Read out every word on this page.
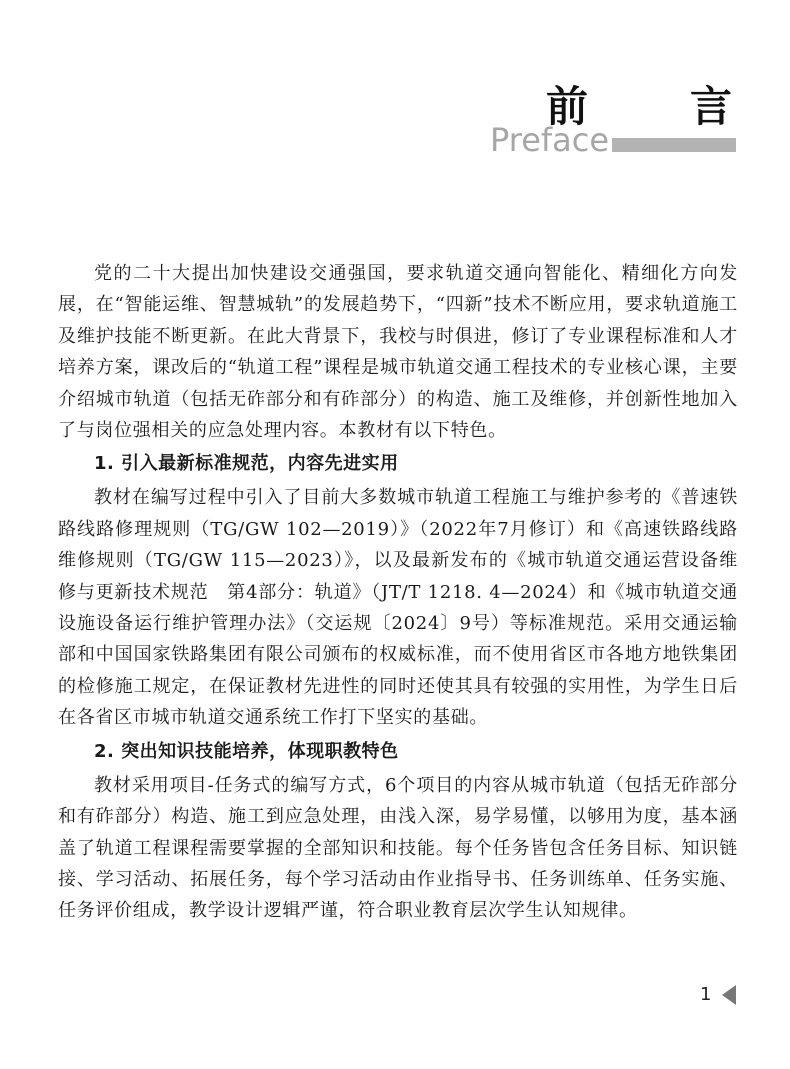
前　言
Preface

党的二十大提出加快建设交通强国，要求轨道交通向智能化、精细化方向发展，在“智能运维、智慧城轨”的发展趋势下，“四新”技术不断应用，要求轨道施工及维护技能不断更新。在此大背景下，我校与时俱进，修订了专业课程标准和人才培养方案，课改后的“轨道工程”课程是城市轨道交通工程技术的专业核心课，主要介绍城市轨道（包括无砟部分和有砟部分）的构造、施工及维修，并创新性地加入了与岗位强相关的应急处理内容。本教材有以下特色。

1. 引入最新标准规范，内容先进实用

教材在编写过程中引入了目前大多数城市轨道工程施工与维护参考的《普速铁路线路修理规则（TG/GW 102—2019）》（2022年7月修订）和《高速铁路线路维修规则（TG/GW 115—2023）》，以及最新发布的《城市轨道交通运营设备维修与更新技术规范　第4部分：轨道》（JT/T 1218. 4—2024）和《城市轨道交通设施设备运行维护管理办法》（交运规〔2024〕9号）等标准规范。采用交通运输部和中国国家铁路集团有限公司颁布的权威标准，而不使用省区市各地方地铁集团的检修施工规定，在保证教材先进性的同时还使其具有较强的实用性，为学生日后在各省区市城市轨道交通系统工作打下坚实的基础。

2. 突出知识技能培养，体现职教特色

教材采用项目-任务式的编写方式，6个项目的内容从城市轨道（包括无砟部分和有砟部分）构造、施工到应急处理，由浅入深，易学易懂，以够用为度，基本涵盖了轨道工程课程需要掌握的全部知识和技能。每个任务皆包含任务目标、知识链接、学习活动、拓展任务，每个学习活动由作业指导书、任务训练单、任务实施、任务评价组成，教学设计逻辑严谨，符合职业教育层次学生认知规律。

1
